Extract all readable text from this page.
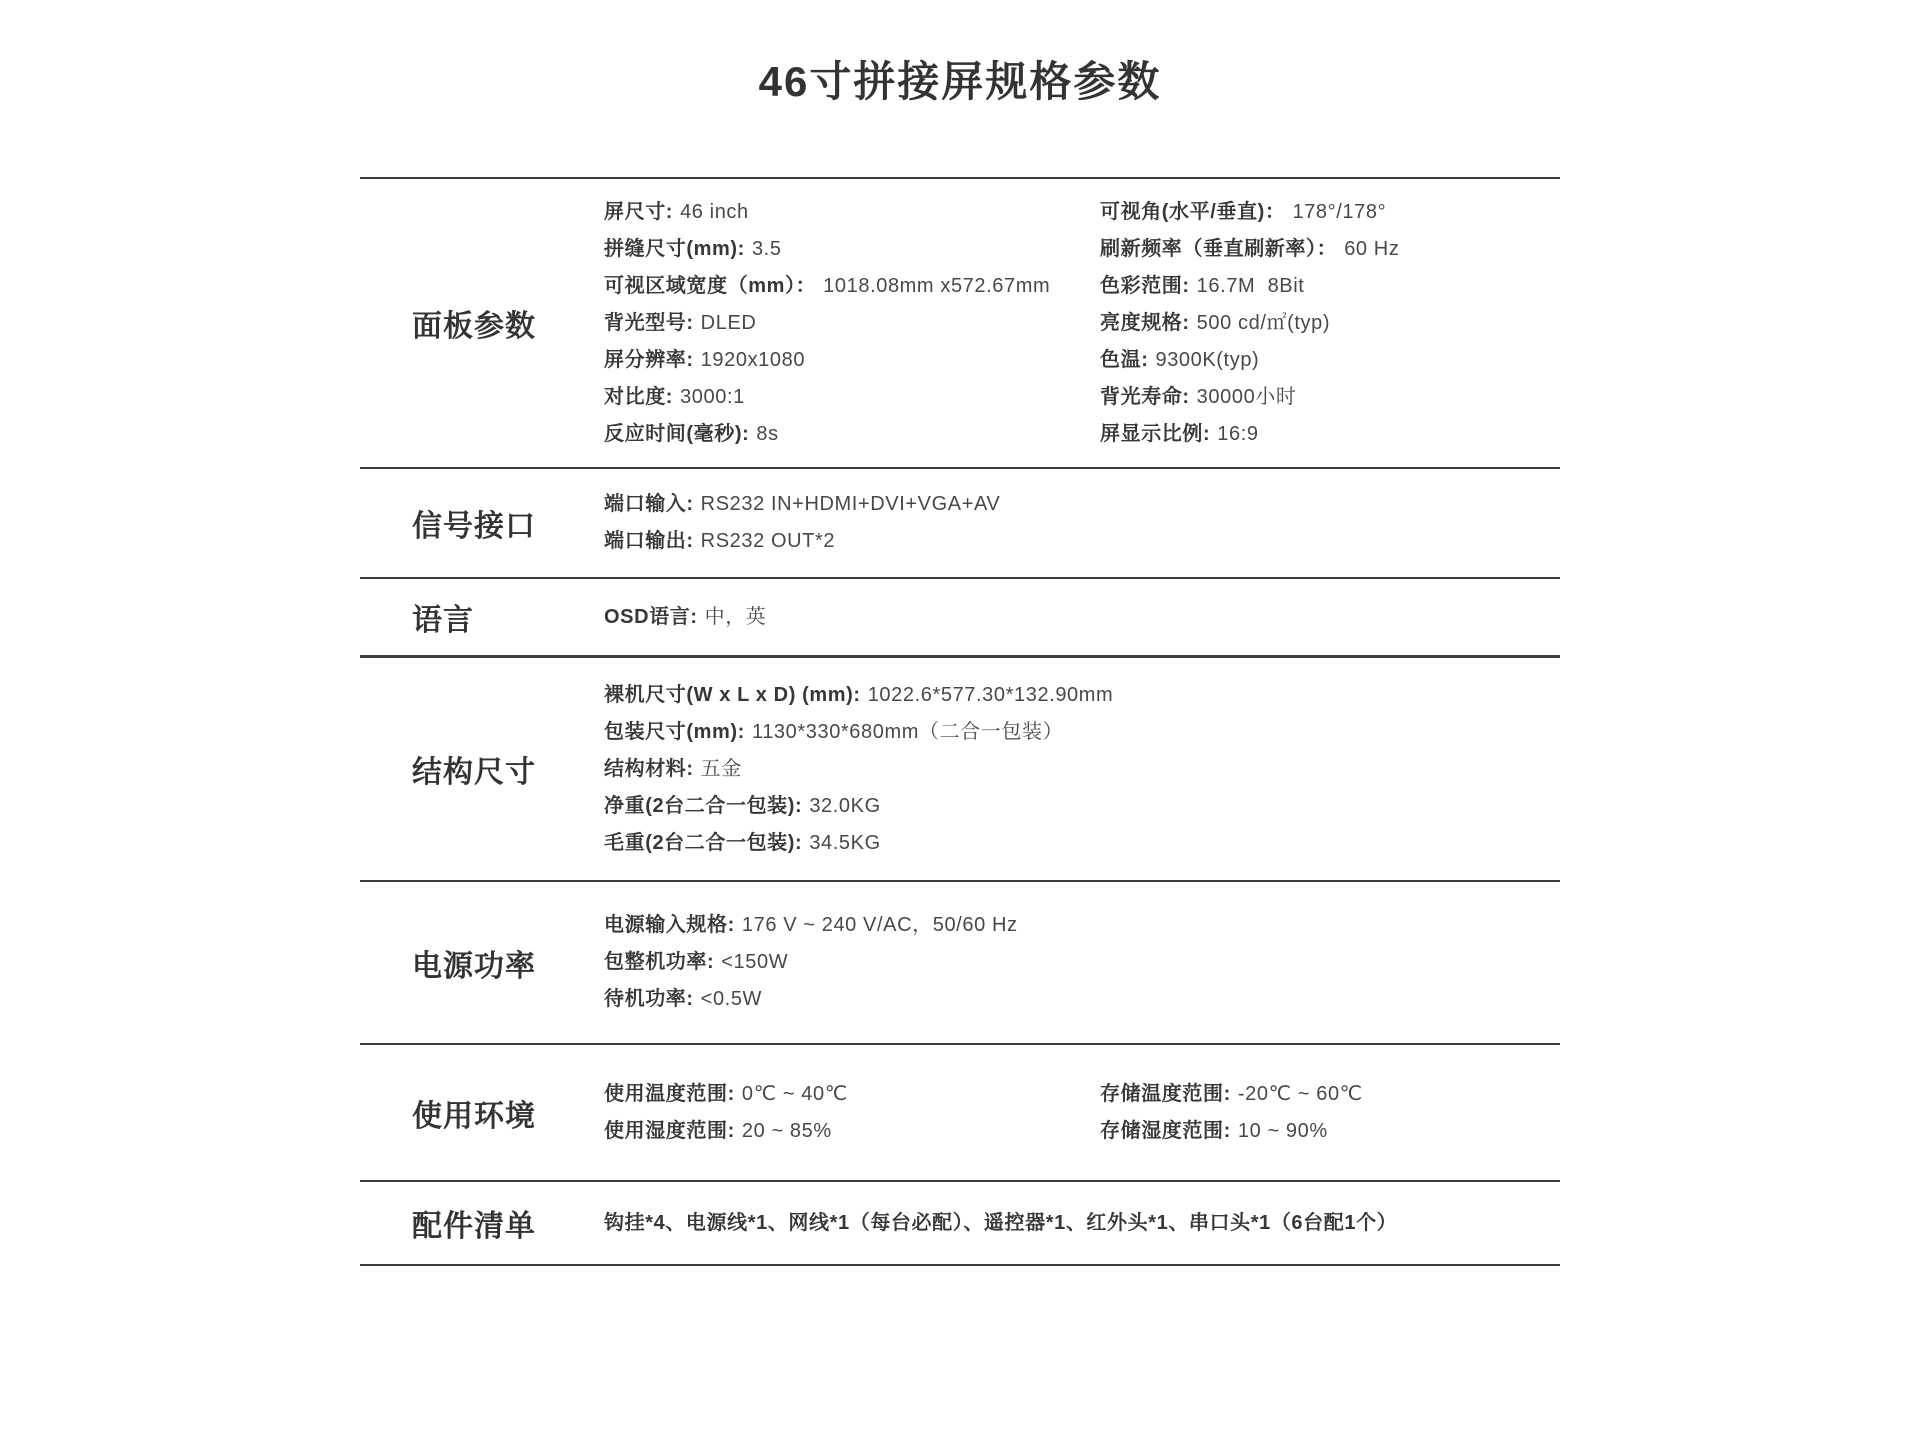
46寸拼接屏规格参数
面板参数
屏尺寸: 46 inch
拼缝尺寸(mm): 3.5
可视区域宽度（mm）： 1018.08mm x572.67mm
背光型号: DLED
屏分辨率: 1920x1080
对比度: 3000:1
反应时间(毫秒): 8s
可视角(水平/垂直)： 178°/178°
刷新频率（垂直刷新率）： 60 Hz
色彩范围: 16.7M  8Bit
亮度规格: 500 cd/㎡(typ)
色温: 9300K(typ)
背光寿命: 30000小时
屏显示比例: 16:9
信号接口
端口输入: RS232 IN+HDMI+DVI+VGA+AV
端口输出: RS232 OUT*2
语言	OSD语言: 中，英
结构尺寸
裸机尺寸(W x L x D) (mm): 1022.6*577.30*132.90mm
包装尺寸(mm): 1130*330*680mm（二合一包装）
结构材料: 五金
净重(2台二合一包装): 32.0KG
毛重(2台二合一包装): 34.5KG
电源功率
电源输入规格: 176 V ~ 240 V/AC，50/60 Hz
包整机功率: <150W
待机功率: <0.5W
使用环境
使用温度范围: 0℃ ~ 40℃
使用湿度范围: 20 ~ 85%
存储温度范围: -20℃ ~ 60℃
存储湿度范围: 10 ~ 90%
配件清单	钩挂*4、电源线*1、网线*1（每台必配）、遥控器*1、红外头*1、串口头*1（6台配1个）
